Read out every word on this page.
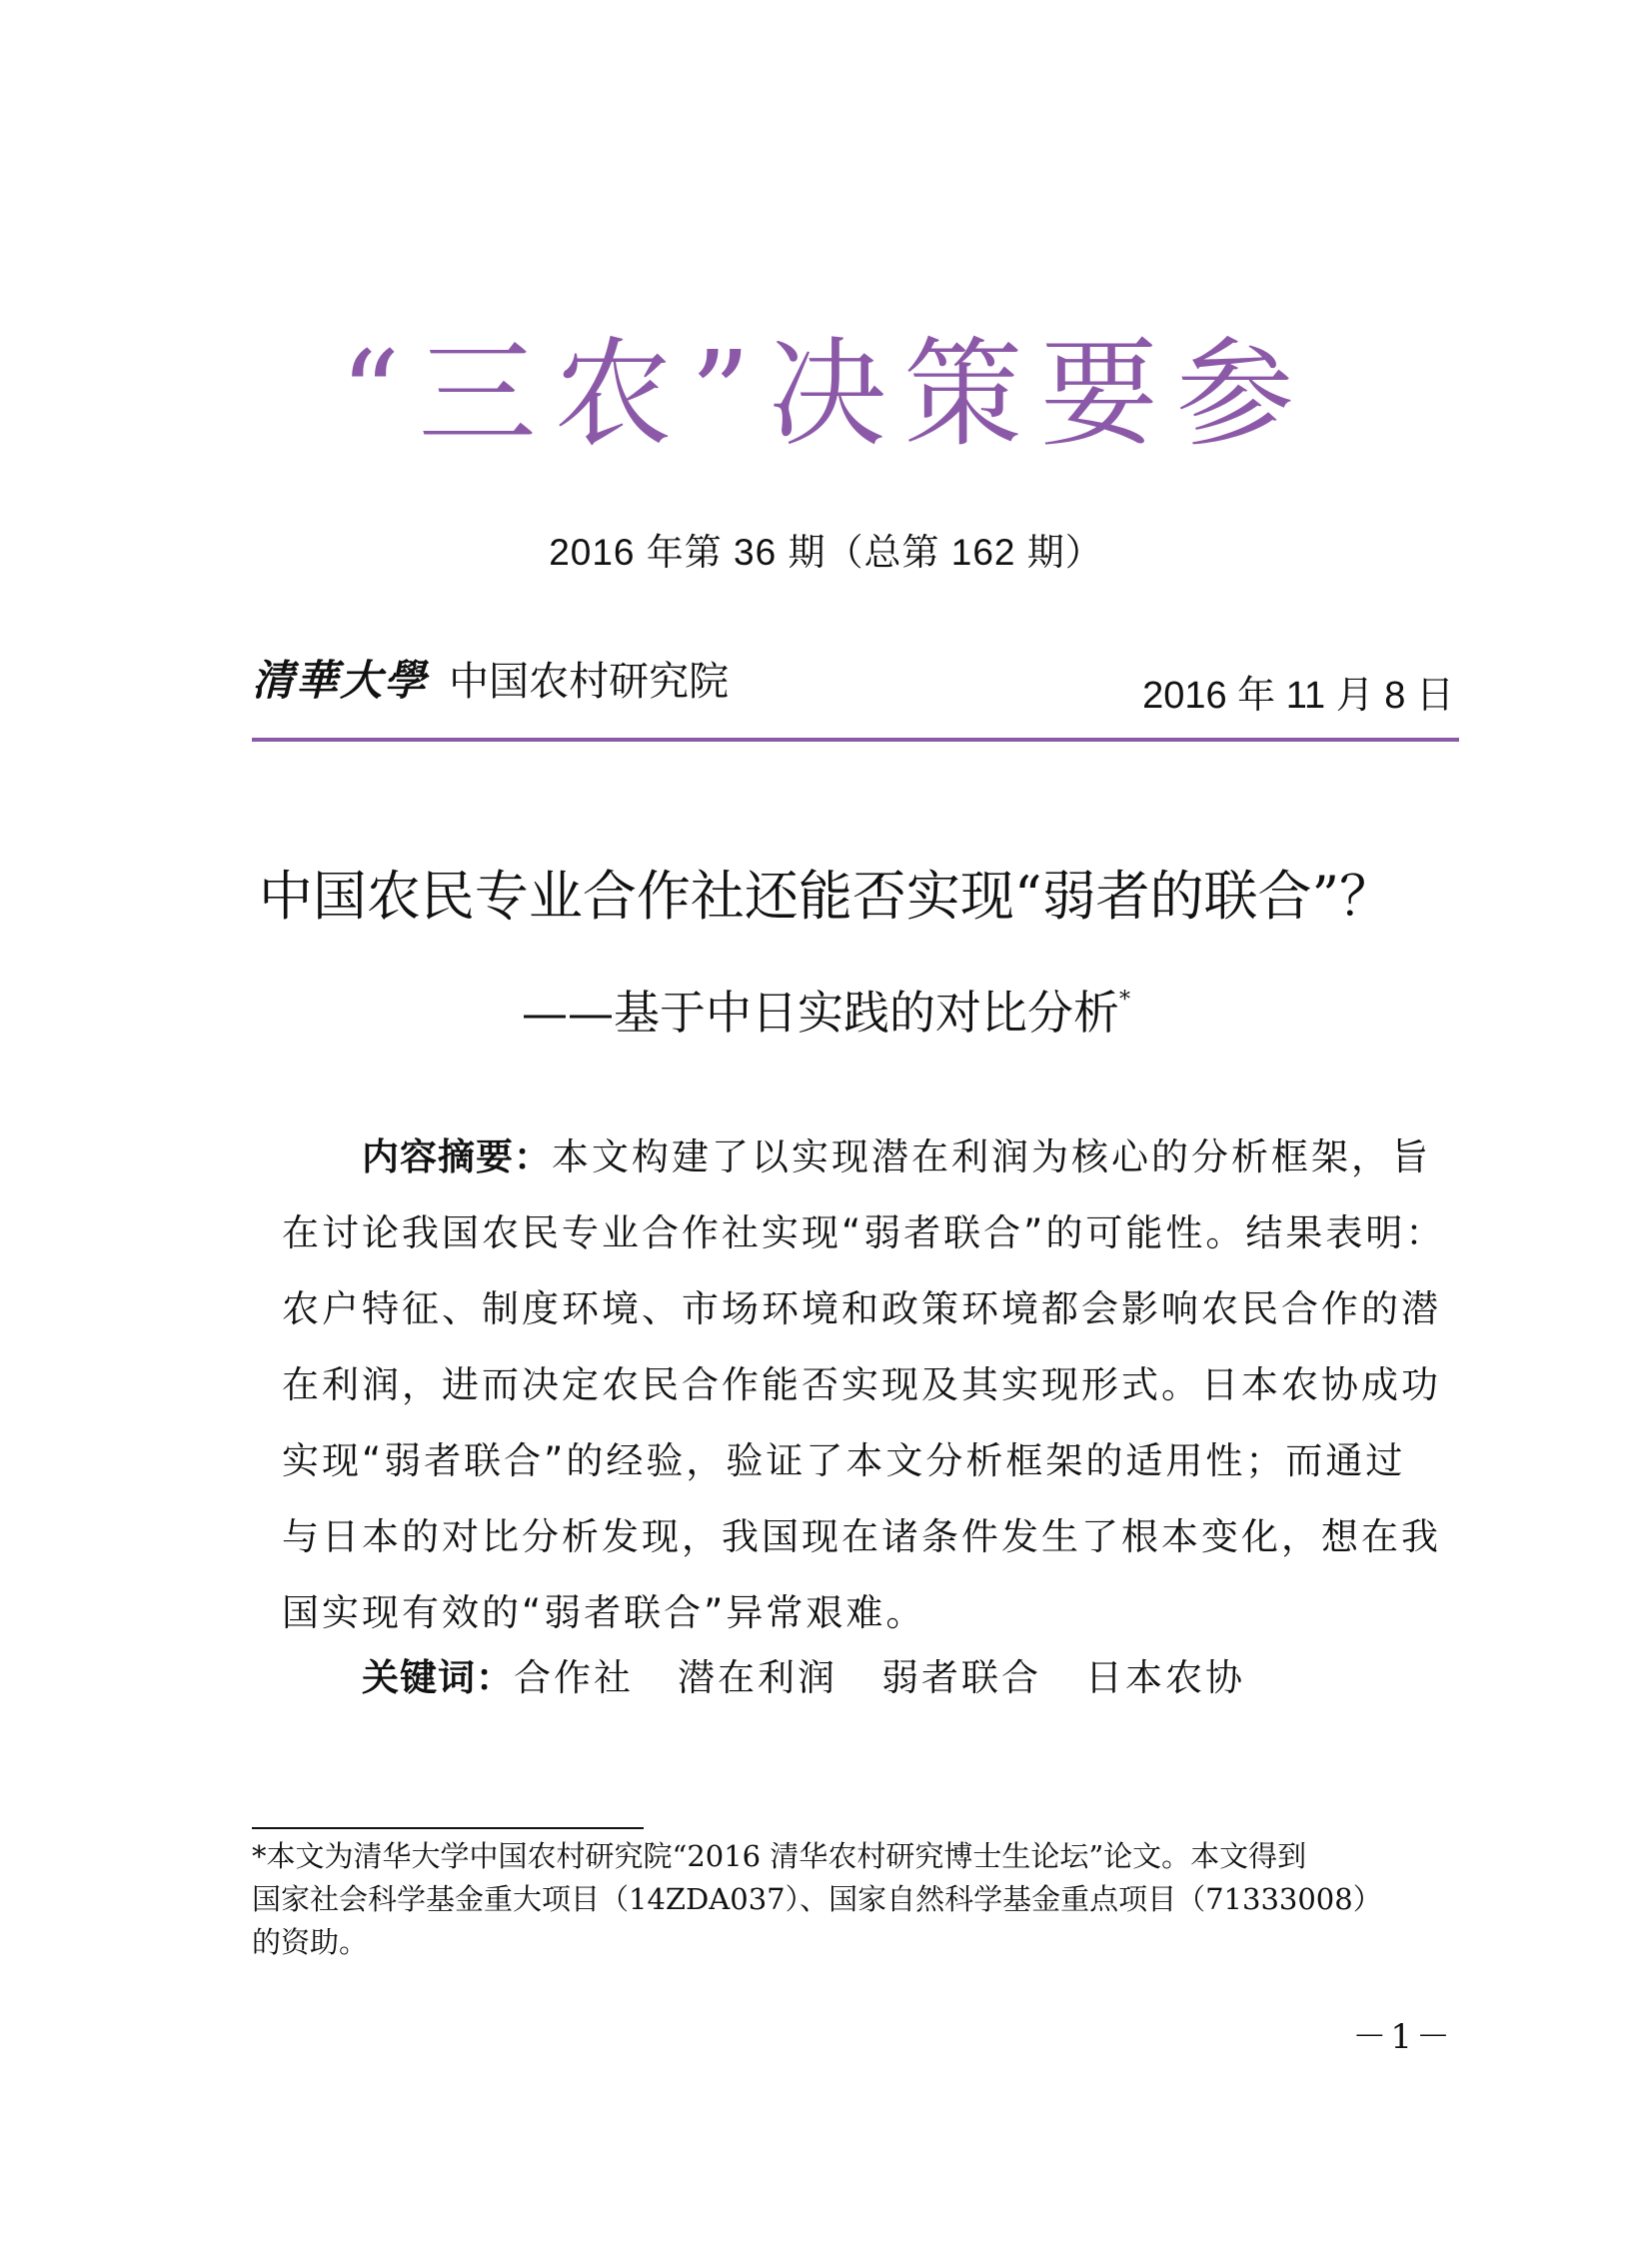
“三农”决策要参
2016 年第 36 期（总第 162 期）
清華大學 中国农村研究院	2016 年 11 月 8 日
中国农民专业合作社还能否实现“弱者的联合”？
——基于中日实践的对比分析*
内容摘要：本文构建了以实现潜在利润为核心的分析框架，旨
在讨论我国农民专业合作社实现“弱者联合”的可能性。结果表明：
农户特征、制度环境、市场环境和政策环境都会影响农民合作的潜
在利润，进而决定农民合作能否实现及其实现形式。日本农协成功
实现“弱者联合”的经验，验证了本文分析框架的适用性；而通过
与日本的对比分析发现，我国现在诸条件发生了根本变化，想在我
国实现有效的“弱者联合”异常艰难。
关键词：合作社 潜在利润 弱者联合 日本农协
*本文为清华大学中国农村研究院“2016 清华农村研究博士生论坛”论文。本文得到
国家社会科学基金重大项目（14ZDA037）、国家自然科学基金重点项目（71333008）
的资助。
－1－
